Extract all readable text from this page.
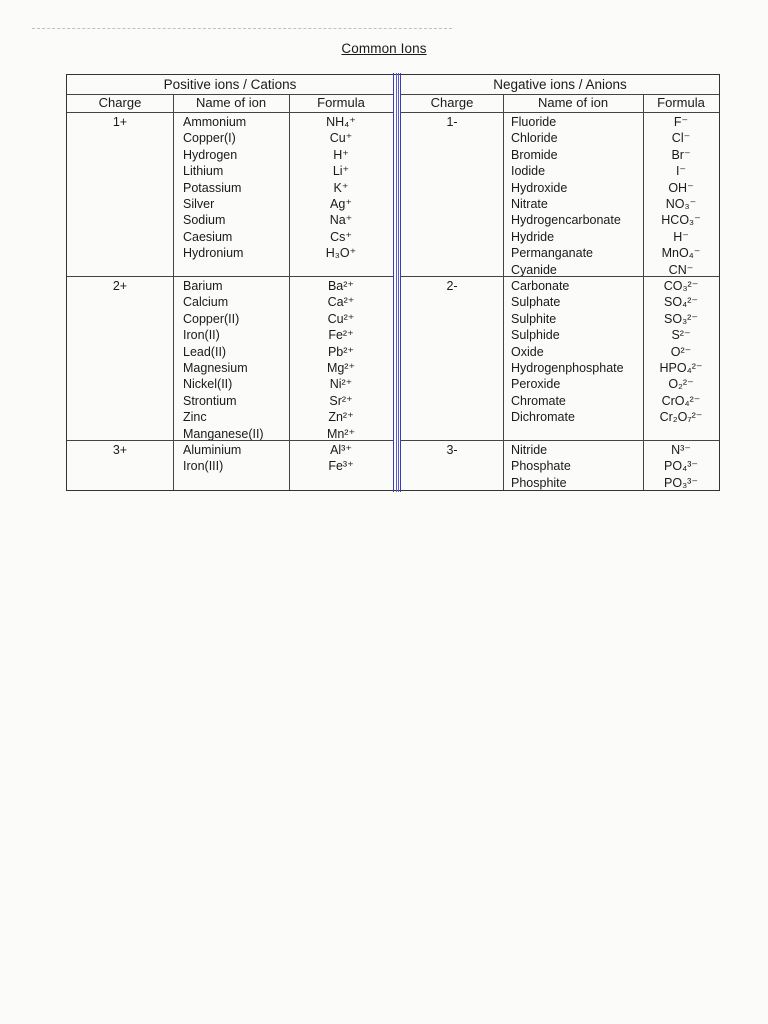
Common Ions
Positive ions / Cations
Charge	Name of ion	Formula
1+	Ammonium	NH₄⁺
Copper(I)	Cu⁺
Hydrogen	H⁺
Lithium	Li⁺
Potassium	K⁺
Silver	Ag⁺
Sodium	Na⁺
Caesium	Cs⁺
Hydronium	H₃O⁺
2+	Barium	Ba²⁺
Calcium	Ca²⁺
Copper(II)	Cu²⁺
Iron(II)	Fe²⁺
Lead(II)	Pb²⁺
Magnesium	Mg²⁺
Nickel(II)	Ni²⁺
Strontium	Sr²⁺
Zinc	Zn²⁺
Manganese(II)	Mn²⁺
3+	Aluminium	Al³⁺
Iron(III)	Fe³⁺
Negative ions / Anions
Charge	Name of ion	Formula
1-	Fluoride	F⁻
Chloride	Cl⁻
Bromide	Br⁻
Iodide	I⁻
Hydroxide	OH⁻
Nitrate	NO₃⁻
Hydrogencarbonate	HCO₃⁻
Hydride	H⁻
Permanganate	MnO₄⁻
Cyanide	CN⁻
2-	Carbonate	CO₃²⁻
Sulphate	SO₄²⁻
Sulphite	SO₃²⁻
Sulphide	S²⁻
Oxide	O²⁻
Hydrogenphosphate	HPO₄²⁻
Peroxide	O₂²⁻
Chromate	CrO₄²⁻
Dichromate	Cr₂O₇²⁻
3-	Nitride	N³⁻
Phosphate	PO₄³⁻
Phosphite	PO₃³⁻
